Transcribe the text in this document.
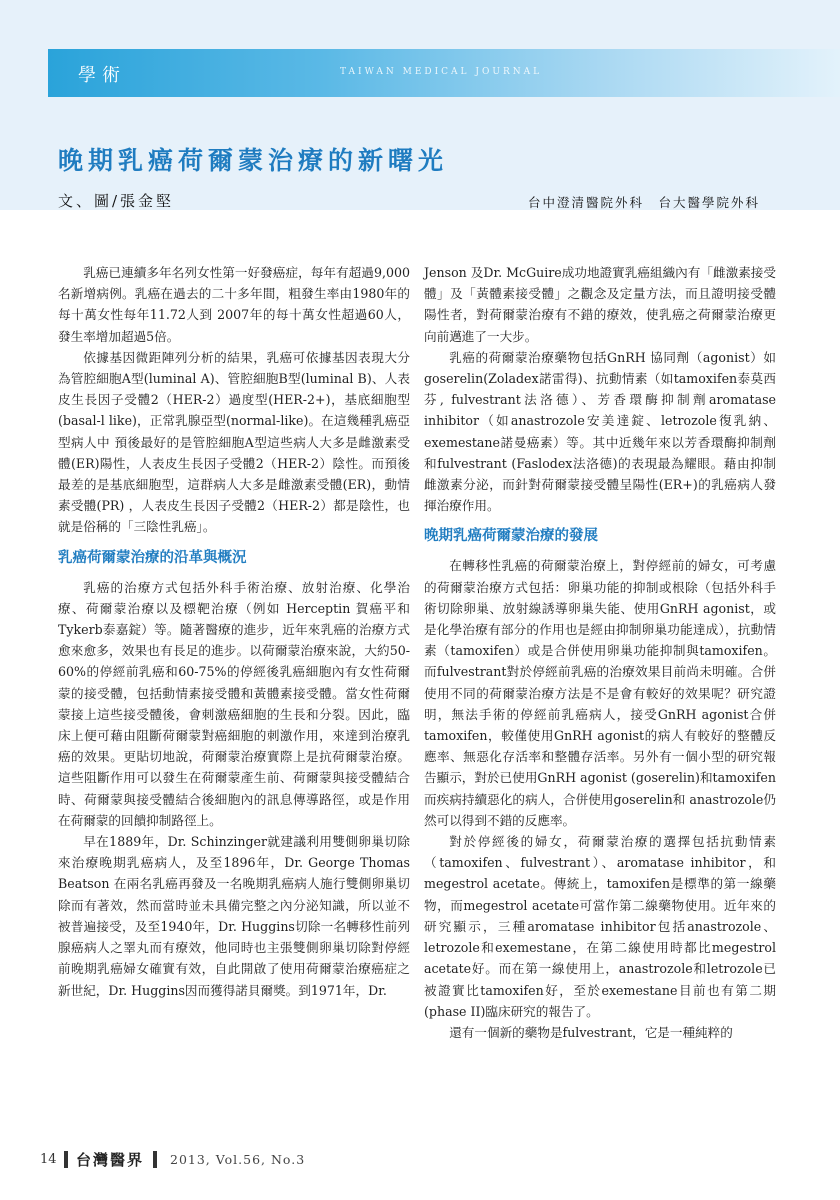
學術	TAIWAN MEDICAL JOURNAL
晚期乳癌荷爾蒙治療的新曙光
文、圖/張金堅	台中澄清醫院外科　台大醫學院外科

乳癌已連續多年名列女性第一好發癌症，每年有超過9,000名新增病例。乳癌在過去的二十多年間，粗發生率由1980年的每十萬女性每年11.72人到 2007年的每十萬女性超過60人，發生率增加超過5倍。

依據基因微距陣列分析的結果，乳癌可依據基因表現大分為管腔細胞A型(luminal A)、管腔細胞B型(luminal B)、人表皮生長因子受體2（HER-2）過度型(HER-2+)，基底細胞型(basal-l like)，正常乳腺亞型(normal-like)。在這幾種乳癌亞型病人中 預後最好的是管腔細胞A型這些病人大多是雌激素受體(ER)陽性，人表皮生長因子受體2（HER-2）陰性。而預後最差的是基底細胞型，這群病人大多是雌激素受體(ER)，動情素受體(PR) ，人表皮生長因子受體2（HER-2）都是陰性，也就是俗稱的「三陰性乳癌」。

乳癌荷爾蒙治療的沿革與概況

乳癌的治療方式包括外科手術治療、放射治療、化學治療、荷爾蒙治療以及標靶治療（例如 Herceptin 賀癌平和 Tykerb泰嘉錠）等。隨著醫療的進步，近年來乳癌的治療方式愈來愈多，效果也有長足的進步。以荷爾蒙治療來說，大約50-60%的停經前乳癌和60-75%的停經後乳癌細胞內有女性荷爾蒙的接受體，包括動情素接受體和黃體素接受體。當女性荷爾蒙接上這些接受體後，會刺激癌細胞的生長和分裂。因此，臨床上便可藉由阻斷荷爾蒙對癌細胞的刺激作用，來達到治療乳癌的效果。更貼切地說，荷爾蒙治療實際上是抗荷爾蒙治療。這些阻斷作用可以發生在荷爾蒙產生前、荷爾蒙與接受體結合時、荷爾蒙與接受體結合後細胞內的訊息傳導路徑，或是作用在荷爾蒙的回饋抑制路徑上。

早在1889年，Dr. Schinzinger就建議利用雙側卵巢切除來治療晚期乳癌病人，及至1896年，Dr. George Thomas Beatson 在兩名乳癌再發及一名晚期乳癌病人施行雙側卵巢切除而有著效，然而當時並未具備完整之內分泌知識，所以並不被普遍接受，及至1940年，Dr. Huggins切除一名轉移性前列腺癌病人之睪丸而有療效，他同時也主張雙側卵巢切除對停經前晚期乳癌婦女確實有效，自此開啟了使用荷爾蒙治療癌症之新世紀，Dr. Huggins因而獲得諾貝爾獎。到1971年，Dr.

Jenson 及Dr. McGuire成功地證實乳癌組織內有「雌激素接受體」及「黃體素接受體」之觀念及定量方法，而且證明接受體陽性者，對荷爾蒙治療有不錯的療效，使乳癌之荷爾蒙治療更向前邁進了一大步。

乳癌的荷爾蒙治療藥物包括GnRH 協同劑（agonist）如goserelin(Zoladex諾雷得)、抗動情素（如tamoxifen泰莫西芬, fulvestrant法洛德）、芳香環酶抑制劑aromatase inhibitor（如anastrozole安美達錠、letrozole復乳納、exemestane諾曼癌素）等。其中近幾年來以芳香環酶抑制劑和fulvestrant (Faslodex法洛德)的表現最為耀眼。藉由抑制雌激素分泌，而針對荷爾蒙接受體呈陽性(ER+)的乳癌病人發揮治療作用。

晚期乳癌荷爾蒙治療的發展

在轉移性乳癌的荷爾蒙治療上，對停經前的婦女，可考慮的荷爾蒙治療方式包括：卵巢功能的抑制或根除（包括外科手術切除卵巢、放射線誘導卵巢失能、使用GnRH agonist，或是化學治療有部分的作用也是經由抑制卵巢功能達成），抗動情素（tamoxifen）或是合併使用卵巢功能抑制與tamoxifen。而fulvestrant對於停經前乳癌的治療效果目前尚未明確。合併使用不同的荷爾蒙治療方法是不是會有較好的效果呢？研究證明，無法手術的停經前乳癌病人，接受GnRH agonist合併tamoxifen，較僅使用GnRH agonist的病人有較好的整體反應率、無惡化存活率和整體存活率。另外有一個小型的研究報告顯示，對於已使用GnRH agonist (goserelin)和tamoxifen而疾病持續惡化的病人，合併使用goserelin和 anastrozole仍然可以得到不錯的反應率。

對於停經後的婦女，荷爾蒙治療的選擇包括抗動情素（tamoxifen、fulvestrant）、aromatase inhibitor，和megestrol acetate。傳統上，tamoxifen是標準的第一線藥物，而megestrol acetate可當作第二線藥物使用。近年來的研究顯示，三種aromatase inhibitor包括anastrozole、letrozole和exemestane，在第二線使用時都比megestrol acetate好。而在第一線使用上，anastrozole和letrozole已被證實比tamoxifen好，至於exemestane目前也有第二期(phase II)臨床研究的報告了。

還有一個新的藥物是fulvestrant，它是一種純粹的

14 台灣醫界 2013, Vol.56, No.3
